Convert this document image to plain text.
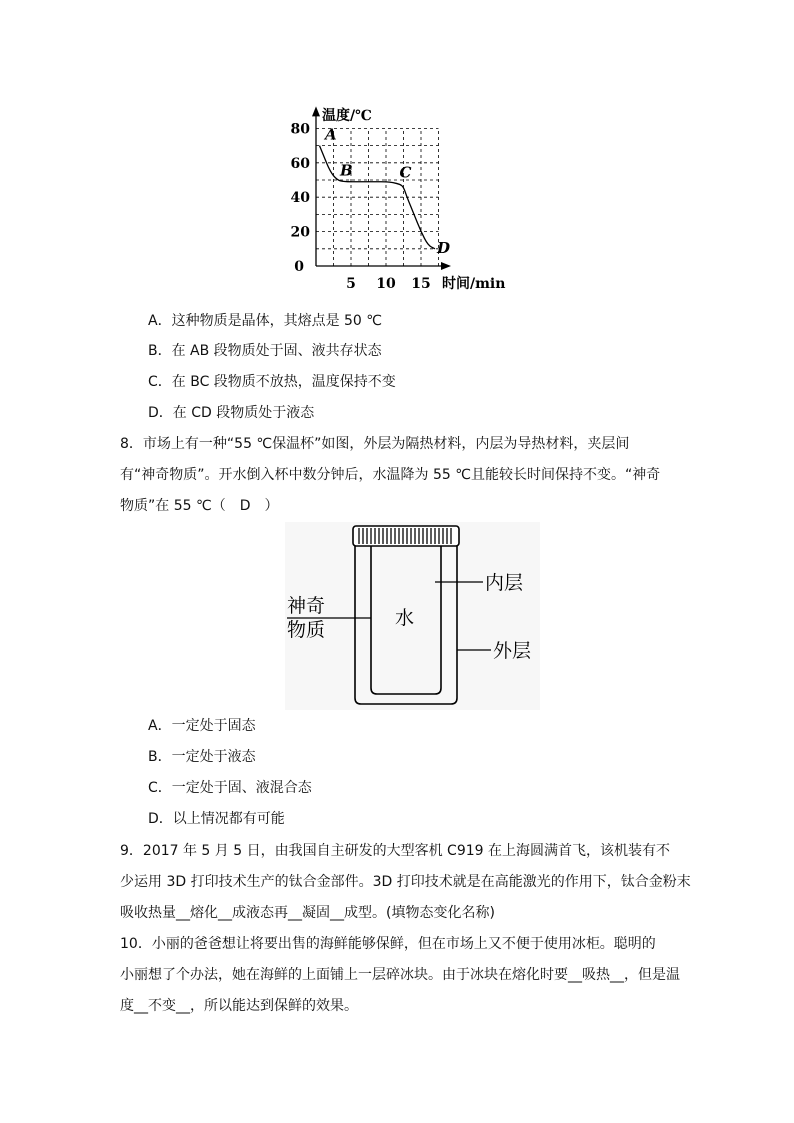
20
40
60
80
0
5 10 15
A
B	C
D
温度/℃
时间/min
A．这种物质是晶体，其熔点是 50 ℃
B．在 AB 段物质处于固、液共存状态
C．在 BC 段物质不放热，温度保持不变
D．在 CD 段物质处于液态
8．市场上有一种“55 ℃保温杯”如图，外层为隔热材料，内层为导热材料，夹层间
有“神奇物质”。开水倒入杯中数分钟后，水温降为 55 ℃且能较长时间保持不变。“神奇
物质”在 55 ℃（　D　）
神奇
物质
水
内层
外层
A．一定处于固态
B．一定处于液态
C．一定处于固、液混合态
D．以上情况都有可能
9．2017 年 5 月 5 日，由我国自主研发的大型客机 C919 在上海圆满首飞，该机装有不
少运用 3D 打印技术生产的钛合金部件。3D 打印技术就是在高能激光的作用下，钛合金粉末
吸收热量__熔化__成液态再__凝固__成型。(填物态变化名称)
10．小丽的爸爸想让将要出售的海鲜能够保鲜，但在市场上又不便于使用冰柜。聪明的
小丽想了个办法，她在海鲜的上面铺上一层碎冰块。由于冰块在熔化时要__吸热__，但是温
度__不变__，所以能达到保鲜的效果。
